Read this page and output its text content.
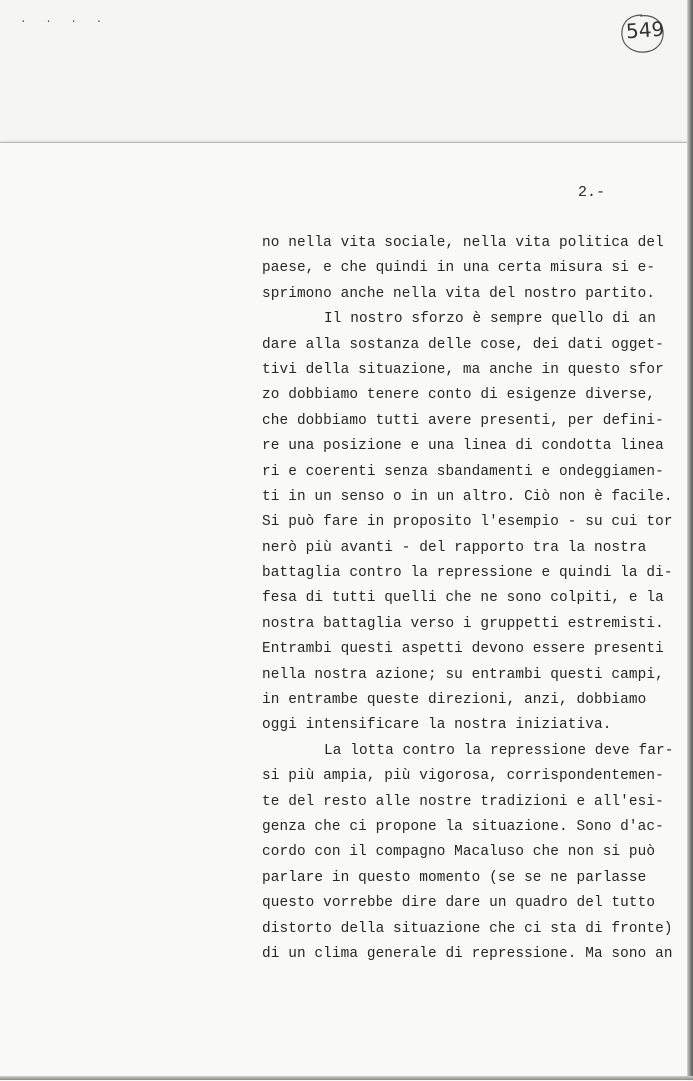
. . . .	549
2.-
no nella vita sociale, nella vita politica del
paese, e che quindi in una certa misura si e-
sprimono anche nella vita del nostro partito.
Il nostro sforzo è sempre quello di an
dare alla sostanza delle cose, dei dati ogget-
tivi della situazione, ma anche in questo sfor
zo dobbiamo tenere conto di esigenze diverse,
che dobbiamo tutti avere presenti, per defini-
re una posizione e una linea di condotta linea
ri e coerenti senza sbandamenti e ondeggiamen-
ti in un senso o in un altro. Ciò non è facile.
Si può fare in proposito l'esempio - su cui tor
nerò più avanti - del rapporto tra la nostra
battaglia contro la repressione e quindi la di-
fesa di tutti quelli che ne sono colpiti, e la
nostra battaglia verso i gruppetti estremisti.
Entrambi questi aspetti devono essere presenti
nella nostra azione; su entrambi questi campi,
in entrambe queste direzioni, anzi, dobbiamo
oggi intensificare la nostra iniziativa.
La lotta contro la repressione deve far-
si più ampia, più vigorosa, corrispondentemen-
te del resto alle nostre tradizioni e all'esi-
genza che ci propone la situazione. Sono d'ac-
cordo con il compagno Macaluso che non si può
parlare in questo momento (se se ne parlasse
questo vorrebbe dire dare un quadro del tutto
distorto della situazione che ci sta di fronte)
di un clima generale di repressione. Ma sono an
